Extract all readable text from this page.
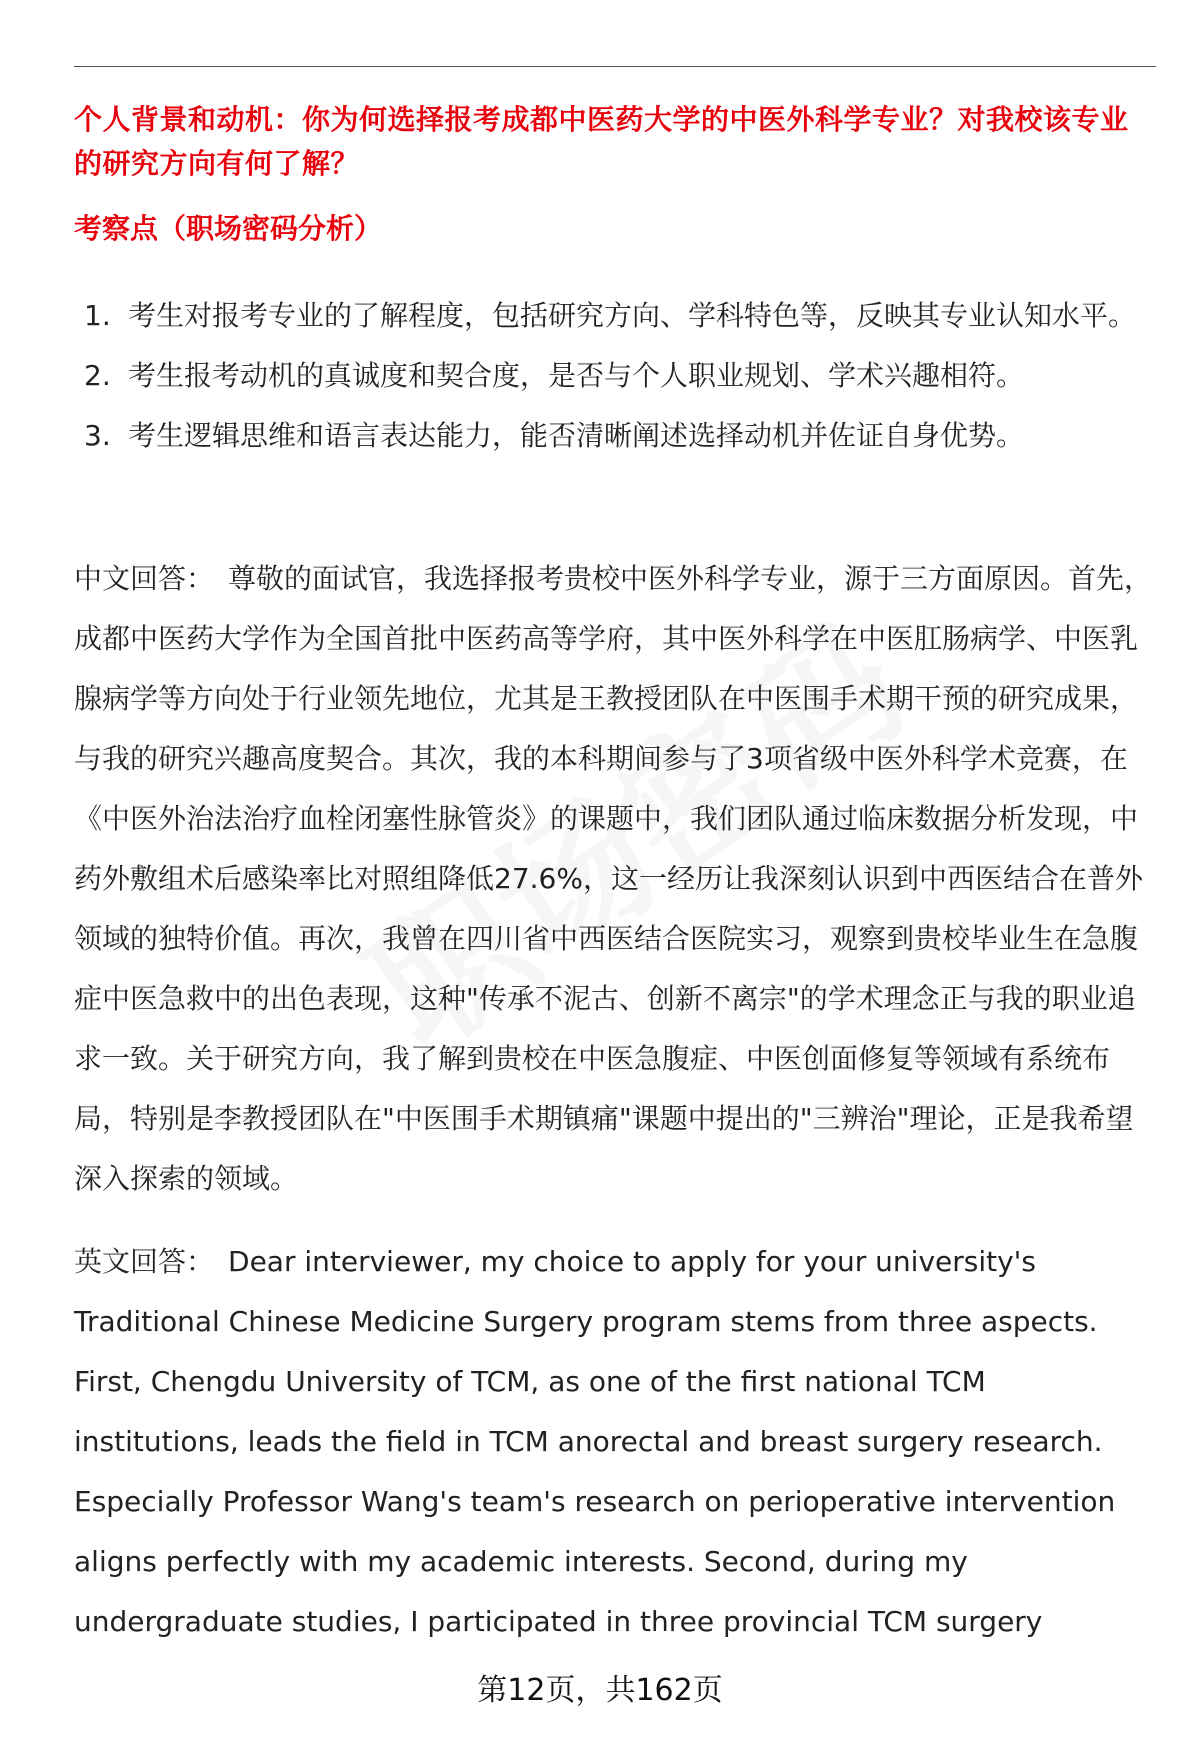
个人背景和动机：你为何选择报考成都中医药大学的中医外科学专业？对我校该专业的研究方向有何了解？
考察点（职场密码分析）
1. 考生对报考专业的了解程度，包括研究方向、学科特色等，反映其专业认知水平。
2. 考生报考动机的真诚度和契合度，是否与个人职业规划、学术兴趣相符。
3. 考生逻辑思维和语言表达能力，能否清晰阐述选择动机并佐证自身优势。
中文回答： 尊敬的面试官，我选择报考贵校中医外科学专业，源于三方面原因。首先，成都中医药大学作为全国首批中医药高等学府，其中医外科学在中医肛肠病学、中医乳腺病学等方向处于行业领先地位，尤其是王教授团队在中医围手术期干预的研究成果，与我的研究兴趣高度契合。其次，我的本科期间参与了3项省级中医外科学术竞赛，在《中医外治法治疗血栓闭塞性脉管炎》的课题中，我们团队通过临床数据分析发现，中药外敷组术后感染率比对照组降低27.6%，这一经历让我深刻认识到中西医结合在普外领域的独特价值。再次，我曾在四川省中西医结合医院实习，观察到贵校毕业生在急腹症中医急救中的出色表现，这种"传承不泥古、创新不离宗"的学术理念正与我的职业追求一致。关于研究方向，我了解到贵校在中医急腹症、中医创面修复等领域有系统布局，特别是李教授团队在"中医围手术期镇痛"课题中提出的"三辨治"理论，正是我希望深入探索的领域。
英文回答： Dear interviewer, my choice to apply for your university's Traditional Chinese Medicine Surgery program stems from three aspects. First, Chengdu University of TCM, as one of the first national TCM institutions, leads the field in TCM anorectal and breast surgery research. Especially Professor Wang's team's research on perioperative intervention aligns perfectly with my academic interests. Second, during my undergraduate studies, I participated in three provincial TCM surgery
第12页，共162页
